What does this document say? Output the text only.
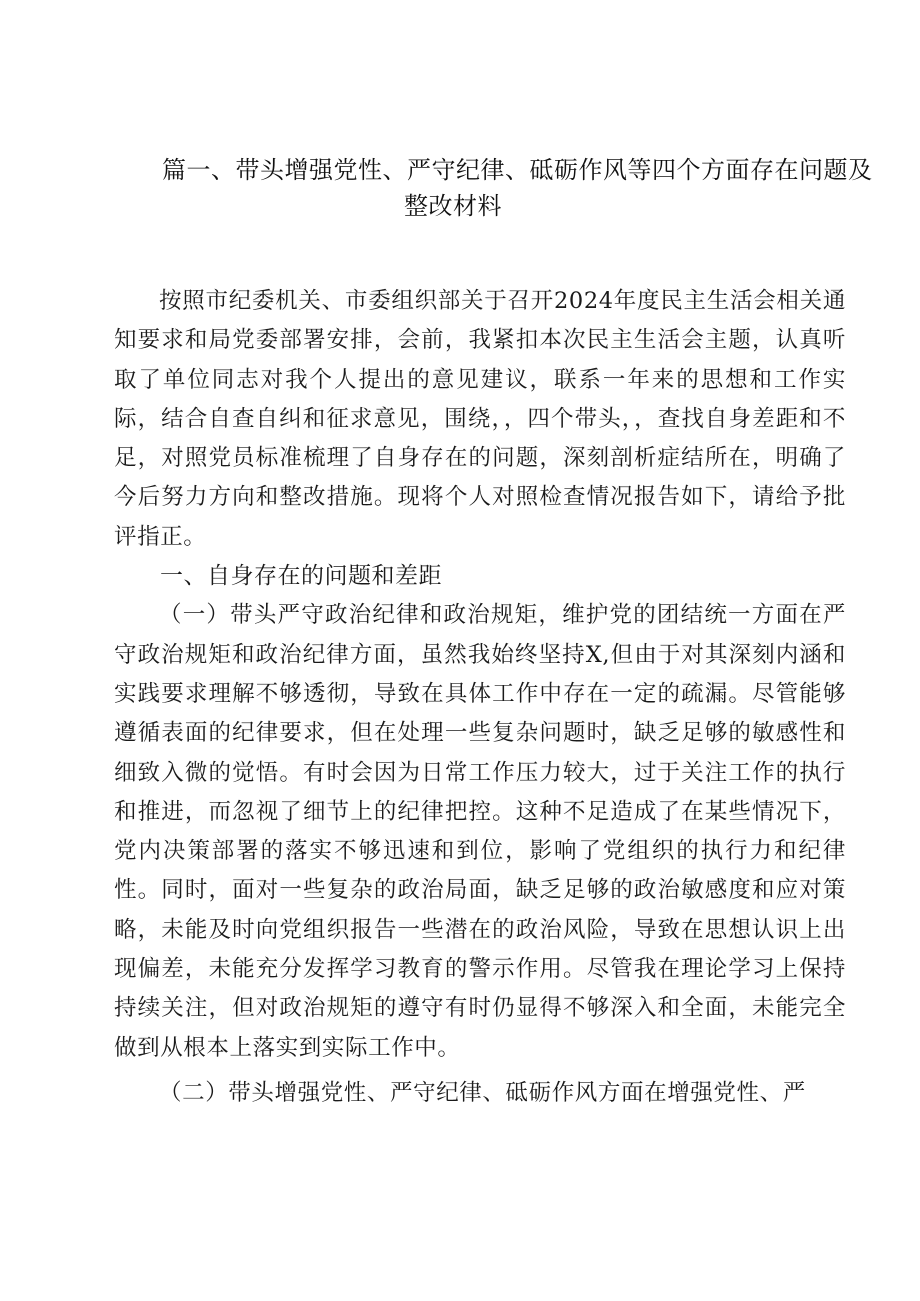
篇一、带头增强党性、严守纪律、砥砺作风等四个方面存在问题及
整改材料

按照市纪委机关、市委组织部关于召开2024年度民主生活会相关通知要求和局党委部署安排，会前，我紧扣本次民主生活会主题，认真听取了单位同志对我个人提出的意见建议，联系一年来的思想和工作实际，结合自查自纠和征求意见，围绕，，四个带头，，查找自身差距和不足，对照党员标准梳理了自身存在的问题，深刻剖析症结所在，明确了今后努力方向和整改措施。现将个人对照检查情况报告如下，请给予批评指正。

一、自身存在的问题和差距

（一）带头严守政治纪律和政治规矩，维护党的团结统一方面在严守政治规矩和政治纪律方面，虽然我始终坚持X,但由于对其深刻内涵和实践要求理解不够透彻，导致在具体工作中存在一定的疏漏。尽管能够遵循表面的纪律要求，但在处理一些复杂问题时，缺乏足够的敏感性和细致入微的觉悟。有时会因为日常工作压力较大，过于关注工作的执行和推进，而忽视了细节上的纪律把控。这种不足造成了在某些情况下，党内决策部署的落实不够迅速和到位，影响了党组织的执行力和纪律性。同时，面对一些复杂的政治局面，缺乏足够的政治敏感度和应对策略，未能及时向党组织报告一些潜在的政治风险，导致在思想认识上出现偏差，未能充分发挥学习教育的警示作用。尽管我在理论学习上保持持续关注，但对政治规矩的遵守有时仍显得不够深入和全面，未能完全做到从根本上落实到实际工作中。

（二）带头增强党性、严守纪律、砥砺作风方面在增强党性、严
